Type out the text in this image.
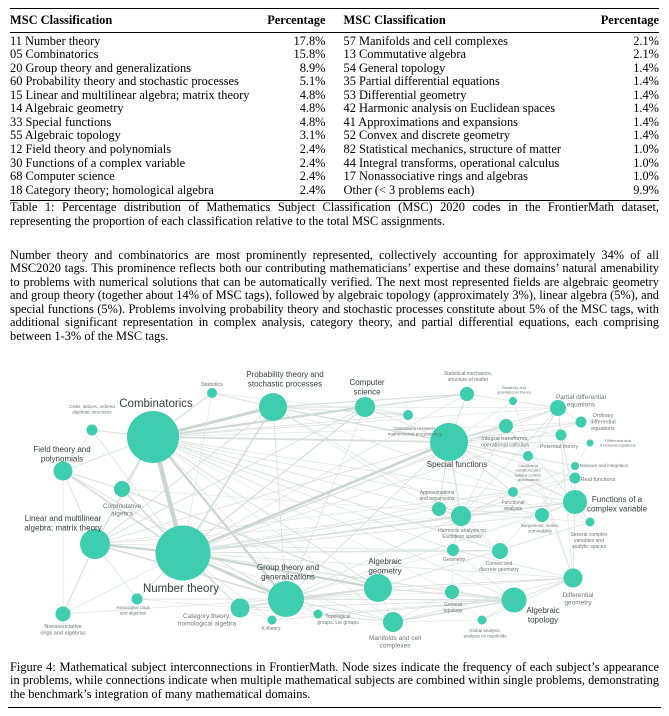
MSC Classification	Percentage MSC Classification	Percentage
11 Number theory	17.8%
05 Combinatorics	15.8%
20 Group theory and generalizations	8.9%
60 Probability theory and stochastic processes	5.1%
15 Linear and multilinear algebra; matrix theory	4.8%
14 Algebraic geometry	4.8%
33 Special functions	4.8%
55 Algebraic topology	3.1%
12 Field theory and polynomials	2.4%
30 Functions of a complex variable	2.4%
68 Computer science	2.4%
18 Category theory; homological algebra	2.4%
57 Manifolds and cell complexes	2.1%
13 Commutative algebra	2.1%
54 General topology	1.4%
35 Partial differential equations	1.4%
53 Differential geometry	1.4%
42 Harmonic analysis on Euclidean spaces	1.4%
41 Approximations and expansions	1.4%
52 Convex and discrete geometry	1.4%
82 Statistical mechanics, structure of matter	1.0%
44 Integral transforms, operational calculus	1.0%
17 Nonassociative rings and algebras	1.0%
Other (< 3 problems each)	9.9%
Table 1: Percentage distribution of Mathematics Subject Classification (MSC) 2020 codes in the FrontierMath dataset, representing the proportion of each classification relative to the total MSC assignments.
Number theory and combinatorics are most prominently represented, collectively accounting for approximately 34% of all MSC2020 tags. This prominence reflects both our contributing mathematicians’ expertise and these domains’ natural amenability to problems with numerical solutions that can be automatically verified. The next most represented fields are algebraic geometry and group theory (together about 14% of MSC tags), followed by algebraic topology (approximately 3%), linear algebra (5%), and special functions (5%). Problems involving probability theory and stochastic processes constitute about 5% of the MSC tags, with additional significant representation in complex analysis, category theory, and partial differential equations, each comprising between 1-3% of the MSC tags.
Combinatorics
Number theory
Group theory and generalizations
Special functions
Probability theory and stochastic processes
Linear and multilinear algebra; matrix theory
Algebraic geometry
Algebraic topology
Functions of a complex variable
Computer science
Harmonic analysis on Euclidean spaces
Manifolds and cell complexes
Differential geometry
Category theory; homological algebra
Field theory and polynomials
Commutative algebra
Convex and discrete geometry
Partial differential equations
Nonassociative rings and algebras
Statistical mechanics, structure of matter
Integral transforms, operational calculus
Approximations and expansions
Sequences, series, summability
General topology
Geometry
Statistics
Order, lattices, ordered algebraic structures
Operations research, mathematical programming
Relativity and gravitational theory
Ordinary differential equations
Potential theory
Difference and functional equations
Measure and integration
Real functions
Calculus of variations and optimal control; optimization
Functional analysis
Several complex variables and analytic spaces
Global analysis, analysis on manifolds
K-theory
Topological groups, Lie groups
Associative rings and algebras
Figure 4: Mathematical subject interconnections in FrontierMath. Node sizes indicate the frequency of each subject’s appearance in problems, while connections indicate when multiple mathematical subjects are combined within single problems, demonstrating the benchmark’s integration of many mathematical domains.
